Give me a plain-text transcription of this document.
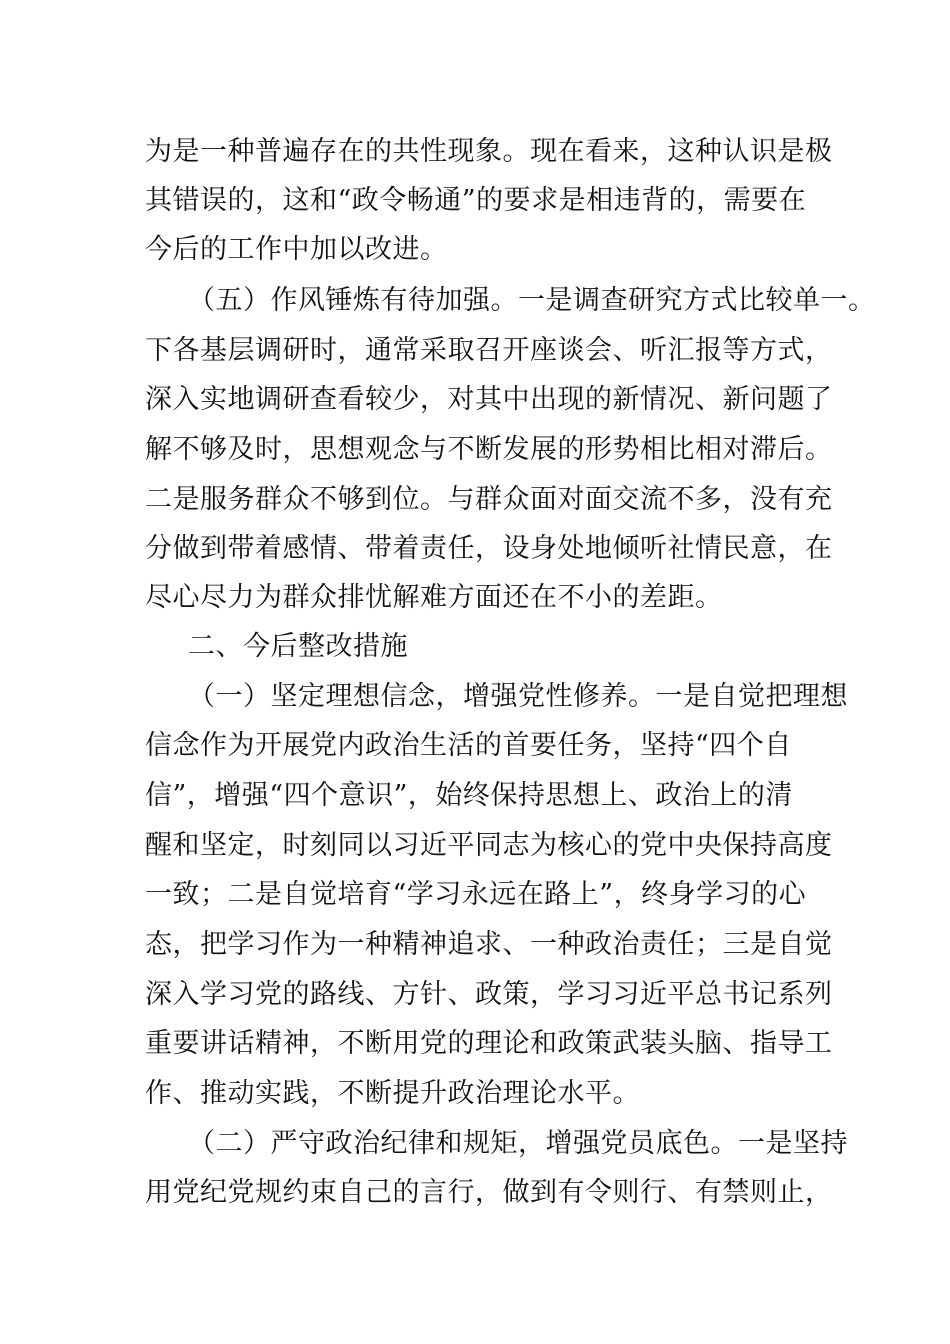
为是一种普遍存在的共性现象。现在看来，这种认识是极
其错误的，这和“政令畅通”的要求是相违背的，需要在
今后的工作中加以改进。
（五）作风锤炼有待加强。一是调查研究方式比较单一。
下各基层调研时，通常采取召开座谈会、听汇报等方式，
深入实地调研查看较少，对其中出现的新情况、新问题了
解不够及时，思想观念与不断发展的形势相比相对滞后。
二是服务群众不够到位。与群众面对面交流不多，没有充
分做到带着感情、带着责任，设身处地倾听社情民意，在
尽心尽力为群众排忧解难方面还在不小的差距。
二、今后整改措施
（一）坚定理想信念，增强党性修养。一是自觉把理想
信念作为开展党内政治生活的首要任务，坚持“四个自
信”，增强“四个意识”，始终保持思想上、政治上的清
醒和坚定，时刻同以习近平同志为核心的党中央保持高度
一致；二是自觉培育“学习永远在路上”，终身学习的心
态，把学习作为一种精神追求、一种政治责任；三是自觉
深入学习党的路线、方针、政策，学习习近平总书记系列
重要讲话精神，不断用党的理论和政策武装头脑、指导工
作、推动实践，不断提升政治理论水平。
（二）严守政治纪律和规矩，增强党员底色。一是坚持
用党纪党规约束自己的言行，做到有令则行、有禁则止，
